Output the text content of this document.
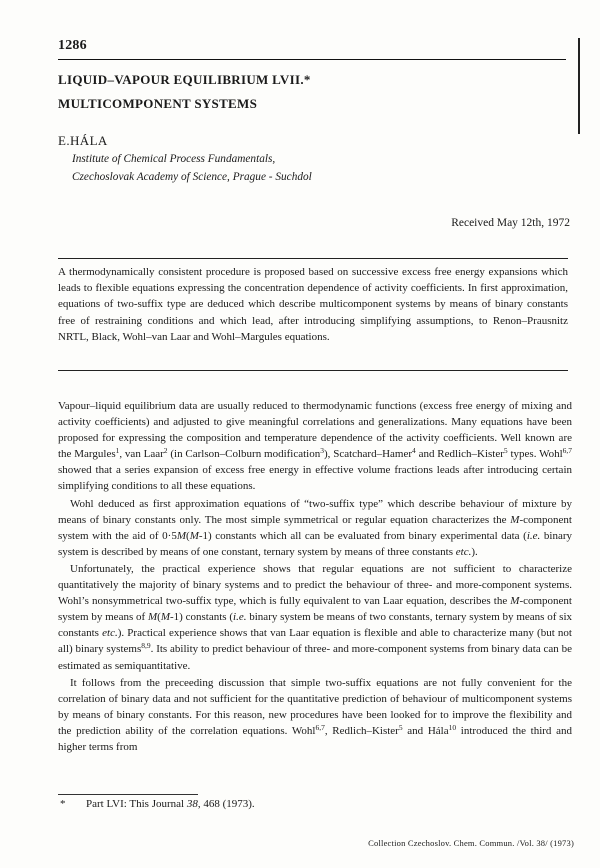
1286
LIQUID–VAPOUR EQUILIBRIUM LVII.*
MULTICOMPONENT SYSTEMS
E.HÁLA
Institute of Chemical Process Fundamentals,
Czechoslovak Academy of Science, Prague - Suchdol
Received May 12th, 1972
A thermodynamically consistent procedure is proposed based on successive excess free energy expansions which leads to flexible equations expressing the concentration dependence of activity coefficients. In first approximation, equations of two-suffix type are deduced which describe multicomponent systems by means of binary constants free of restraining conditions and which lead, after introducing simplifying assumptions, to Renon–Prausnitz NRTL, Black, Wohl–van Laar and Wohl–Margules equations.

Vapour–liquid equilibrium data are usually reduced to thermodynamic functions (excess free energy of mixing and activity coefficients) and adjusted to give meaningful correlations and generalizations. Many equations have been proposed for expressing the composition and temperature dependence of the activity coefficients. Well known are the Margules$^1$, van Laar$^2$ (in Carlson–Colburn modification$^3$), Scatchard–Hamer$^4$ and Redlich–Kister$^5$ types. Wohl$^{6,7}$ showed that a series expansion of excess free energy in effective volume fractions leads after introducing certain simplifying conditions to all these equations.

Wohl deduced as first approximation equations of “two-suffix type” which describe behaviour of mixture by means of binary constants only. The most simple symmetrical or regular equation characterizes the M-component system with the aid of 0·5M(M-1) constants which all can be evaluated from binary experimental data (i.e. binary system is described by means of one constant, ternary system by means of three constants etc.).

Unfortunately, the practical experience shows that regular equations are not sufficient to characterize quantitatively the majority of binary systems and to predict the behaviour of three- and more-component systems. Wohl’s nonsymmetrical two-suffix type, which is fully equivalent to van Laar equation, describes the M-component system by means of M(M-1) constants (i.e. binary system be means of two constants, ternary system by means of six constants etc.). Practical experience shows that van Laar equation is flexible and able to characterize many (but not all) binary systems$^{8,9}$. Its ability to predict behaviour of three- and more-component systems from binary data can be estimated as semiquantitative.

It follows from the preceeding discussion that simple two-suffix equations are not fully convenient for the correlation of binary data and not sufficient for the quantitative prediction of behaviour of multicomponent systems by means of binary constants. For this reason, new procedures have been looked for to improve the flexibility and the prediction ability of the correlation equations. Wohl$^{6,7}$, Redlich–Kister$^5$ and Hála$^{10}$ introduced the third and higher terms from

* Part LVI: This Journal 38, 468 (1973).
Collection Czechoslov. Chem. Commun. /Vol. 38/ (1973)
